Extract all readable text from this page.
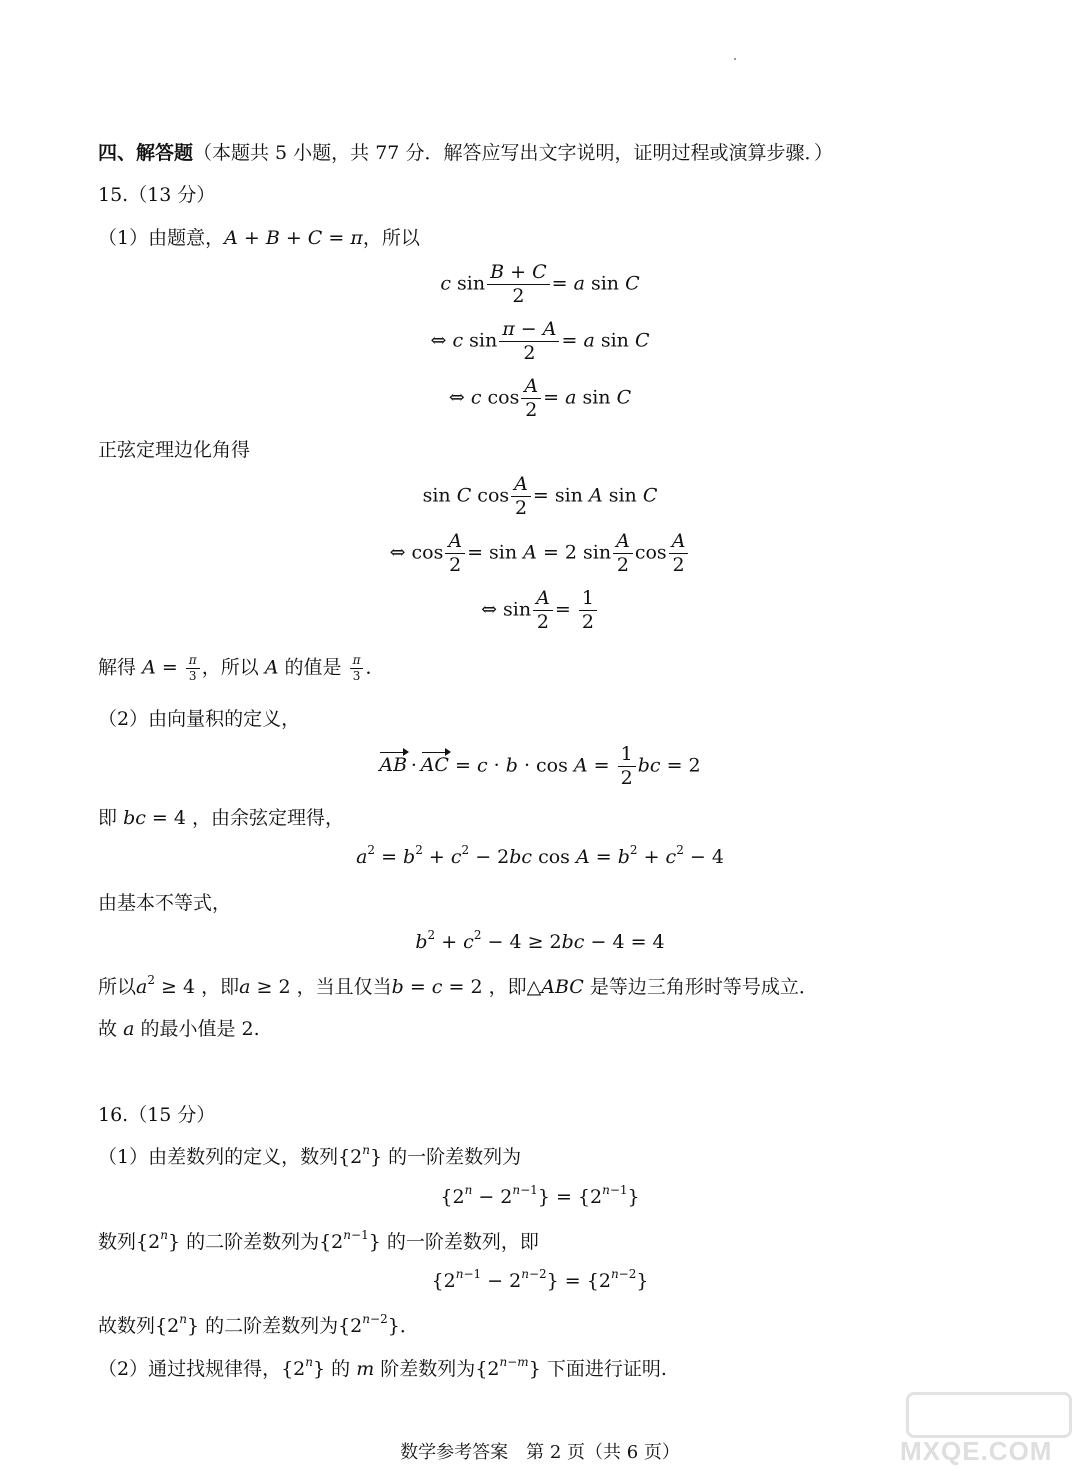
四、解答题（本题共 5 小题，共 77 分．解答应写出文字说明，证明过程或演算步骤．）
15.（13 分）
（1）由题意，A + B + C = π，所以
c $\sin \frac{B + C}{2} = a$ sin C
⇔ c $\sin \frac{\pi - A}{2} = a$ sin C
⇔ c $\cos \frac{A}{2} = a$ sin C
正弦定理边化角得
sin C $\cos \frac{A}{2} = \sin A$ sin C
⇔ $\cos \frac{A}{2} = \sin A = 2$ $\sin \frac{A}{2}$ $\cos \frac{A}{2}$
⇔ $\sin \frac{A}{2} = \frac{1}{2}$
解得 $A = \frac{\pi}{3}$ ，所以 A 的值是 $\frac{\pi}{3}$ ．
（2）由向量积的定义，
AB · AC = $c \cdot b \cdot \cos A = \frac{1}{2}$ bc = 2
即 bc = 4 ，由余弦定理得，
$a^2 = b^2 + c^2 - 2bc$ $\cos A = b^2 + c^2 - 4$
由基本不等式，
$b^2 + c^2 - 4 \ge 2bc - 4 = 4$
所以$a^2 \ge 4$ ，即a ≥ 2 ，当且仅当b = c = 2 ，即△ABC 是等边三角形时等号成立．
故 a 的最小值是 2.
16.（15 分）
（1）由差数列的定义，数列{2$^n$} 的一阶差数列为
$\{2^n - 2^{n-1}\} = \{2^{n-1}\}$
数列{2$^n$} 的二阶差数列为$\{2^{n-1}\}$ 的一阶差数列，即
$\{2^{n-1} - 2^{n-2}\} = \{2^{n-2}\}$
故数列{2$^n$} 的二阶差数列为$\{2^{n-2}\}$．
（2）通过找规律得，{2$^n$} 的 m 阶差数列为$\{2^{n-m}\}$ 下面进行证明.
数学参考答案　第 2 页（共 6 页）	MXQE.COM
